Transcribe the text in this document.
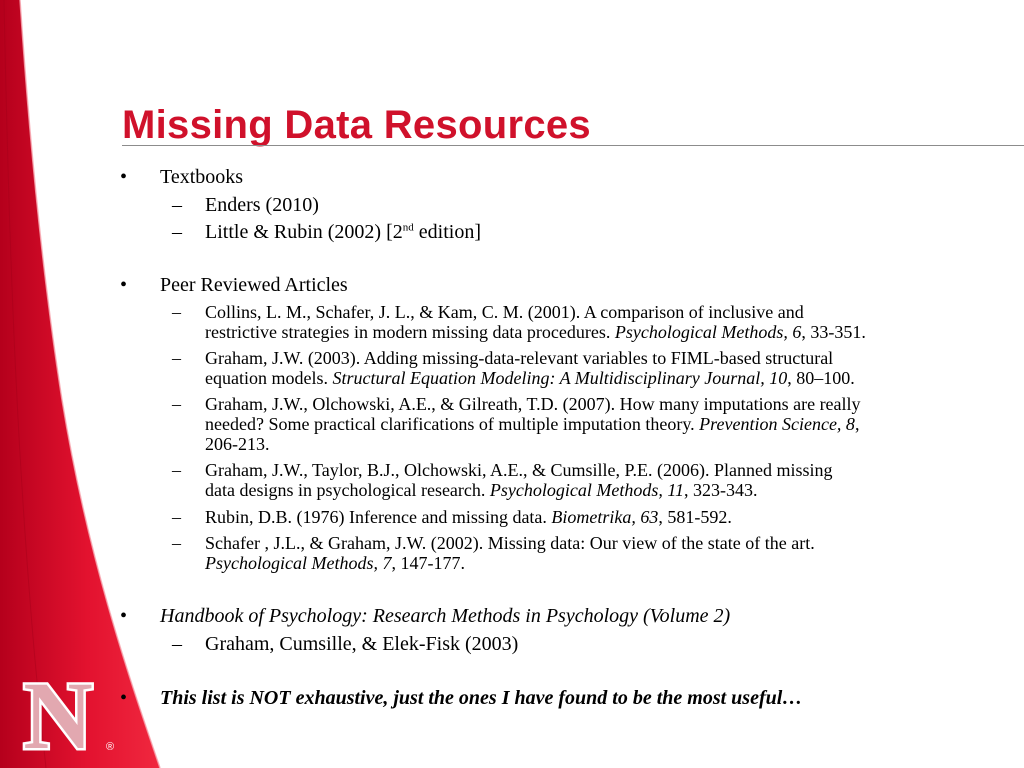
Missing Data Resources
• Textbooks
– Enders (2010)
– Little & Rubin (2002) [2nd edition]
• Peer Reviewed Articles
– Collins, L. M., Schafer, J. L., & Kam, C. M. (2001). A comparison of inclusive and
restrictive strategies in modern missing data procedures. Psychological Methods, 6, 33-351.
– Graham, J.W. (2003). Adding missing-data-relevant variables to FIML-based structural
equation models. Structural Equation Modeling: A Multidisciplinary Journal, 10, 80–100.
– Graham, J.W., Olchowski, A.E., & Gilreath, T.D. (2007). How many imputations are really
needed? Some practical clarifications of multiple imputation theory. Prevention Science, 8,
206-213.
– Graham, J.W., Taylor, B.J., Olchowski, A.E., & Cumsille, P.E. (2006). Planned missing
data designs in psychological research. Psychological Methods, 11, 323-343.
– Rubin, D.B. (1976) Inference and missing data. Biometrika, 63, 581-592.
– Schafer , J.L., & Graham, J.W. (2002). Missing data: Our view of the state of the art.
Psychological Methods, 7, 147-177.
• Handbook of Psychology: Research Methods in Psychology (Volume 2)
– Graham, Cumsille, & Elek-Fisk (2003)
• This list is NOT exhaustive, just the ones I have found to be the most useful…
N ®
